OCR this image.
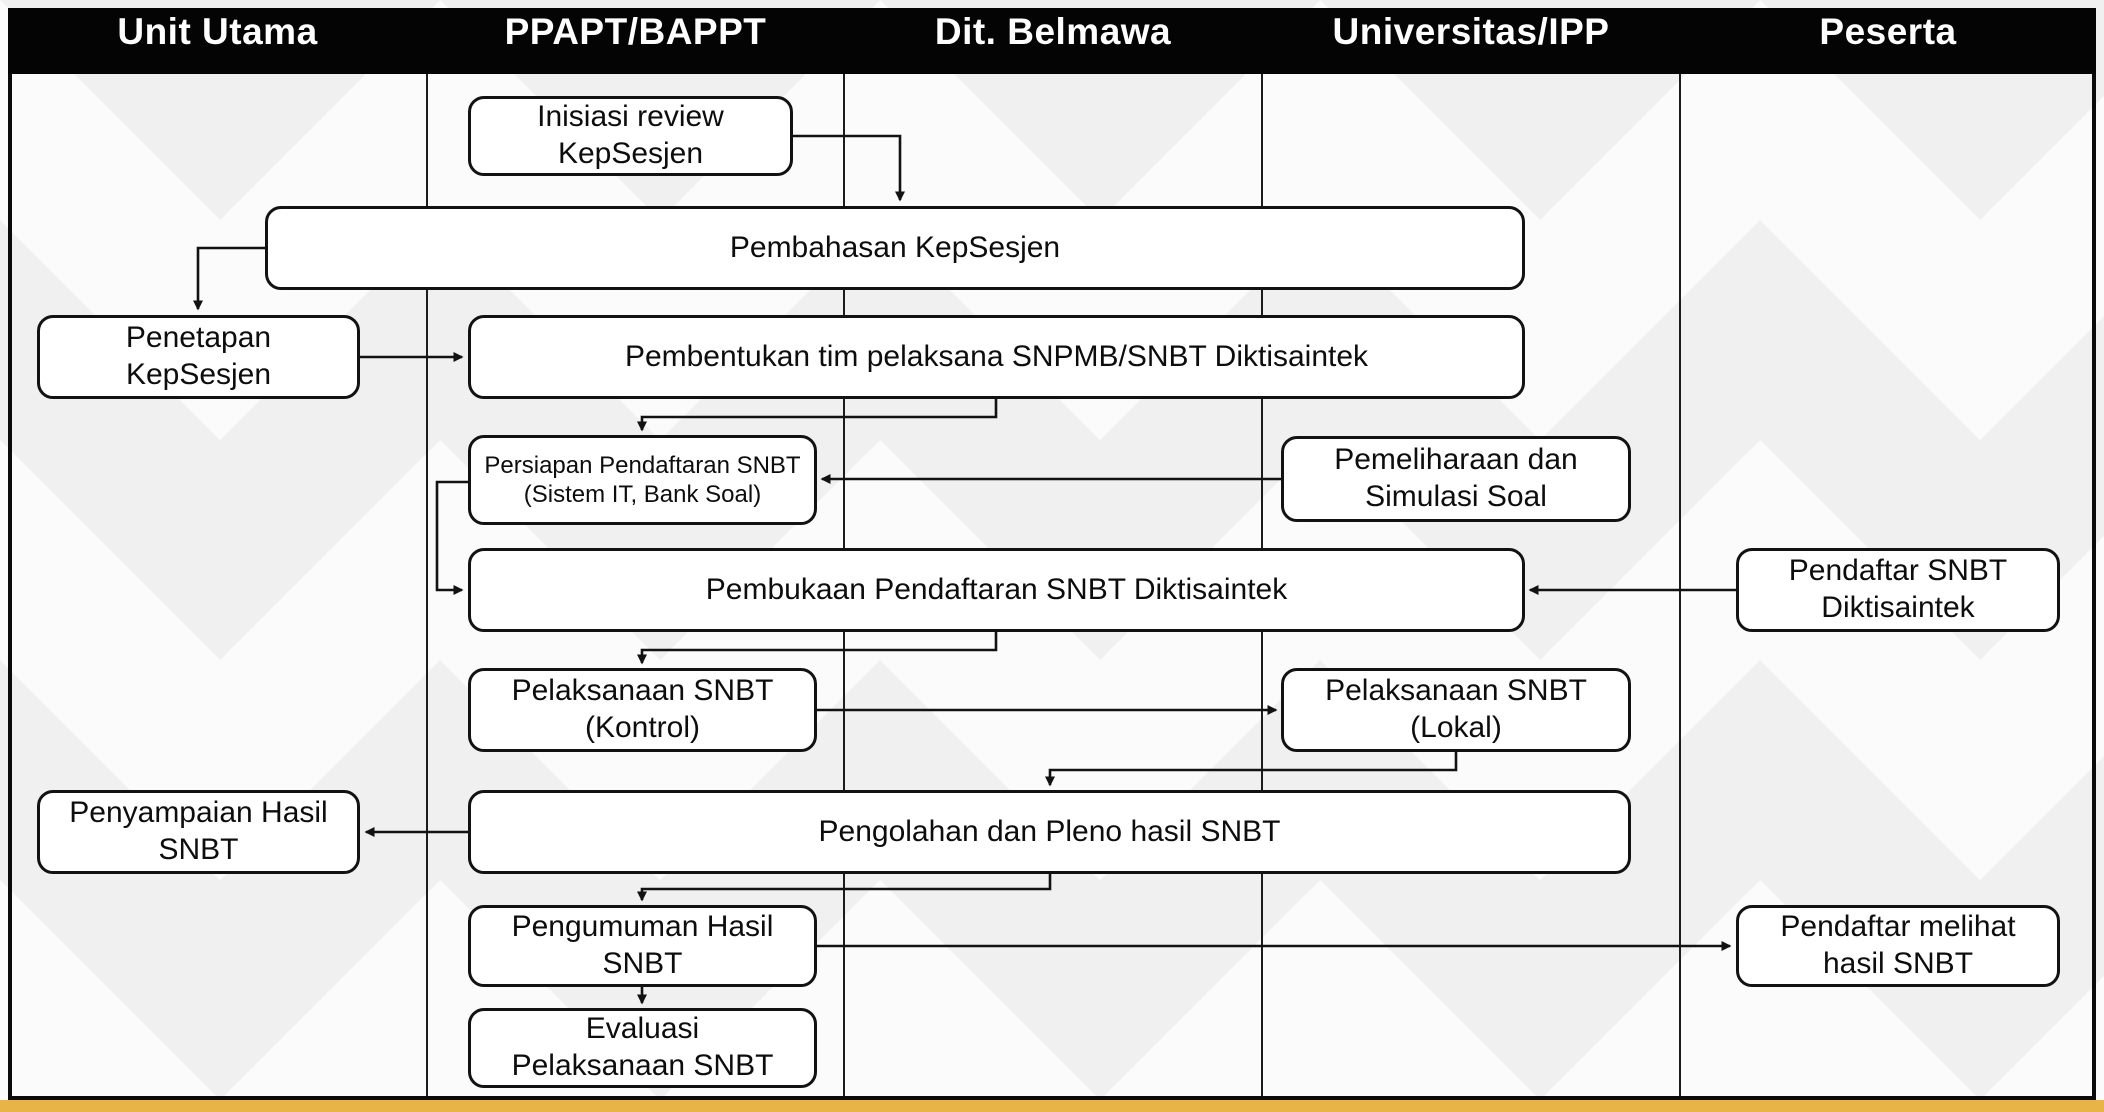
Inisiasi review KepSesjen
Pembahasan KepSesjen
Penetapan KepSesjen
Pembentukan tim pelaksana SNPMB/SNBT Diktisaintek
Persiapan Pendaftaran SNBT (Sistem IT, Bank Soal)
Pemeliharaan dan Simulasi Soal
Pembukaan Pendaftaran SNBT Diktisaintek
Pendaftar SNBT Diktisaintek
Pelaksanaan SNBT (Kontrol)
Pelaksanaan SNBT (Lokal)
Pengolahan dan Pleno hasil SNBT
Penyampaian Hasil SNBT
Pengumuman Hasil SNBT
Pendaftar melihat hasil SNBT
Evaluasi Pelaksanaan SNBT
Unit Utama	PPAPT/BAPPT	Dit. Belmawa	Universitas/IPP	Peserta
